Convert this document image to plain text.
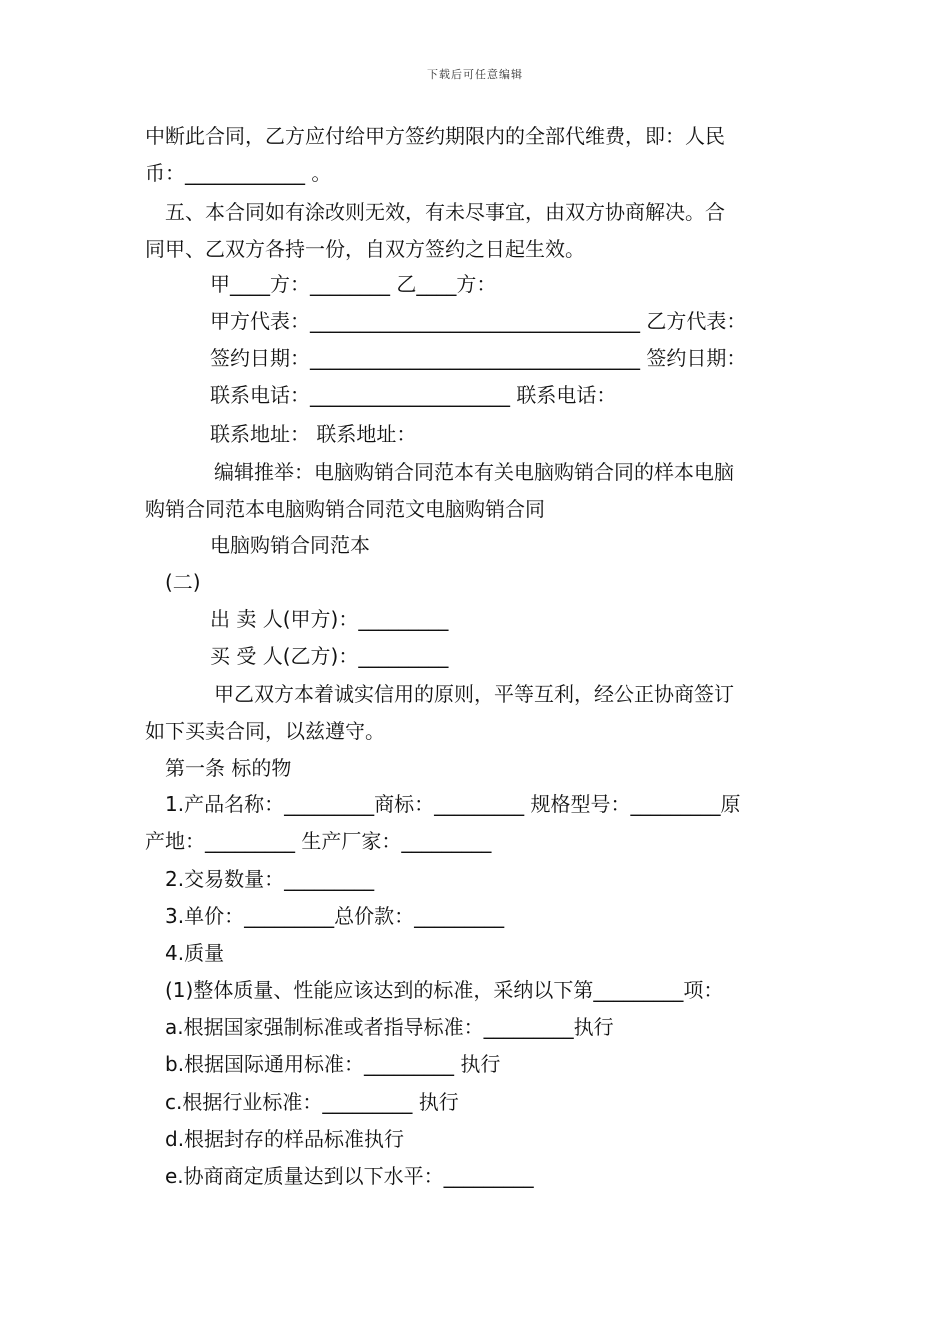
下载后可任意编辑
中断此合同，乙方应付给甲方签约期限内的全部代维费，即：人民
币：____________ 。
五、本合同如有涂改则无效，有未尽事宜，由双方协商解决。合
同甲、乙双方各持一份，自双方签约之日起生效。
甲____方：________ 乙____方：
甲方代表：_________________________________ 乙方代表：
签约日期：_________________________________ 签约日期：
联系电话：____________________ 联系电话：
联系地址： 联系地址：
编辑推举：电脑购销合同范本有关电脑购销合同的样本电脑
购销合同范本电脑购销合同范文电脑购销合同
电脑购销合同范本
(二)
出 卖 人(甲方)：_________
买 受 人(乙方)：_________
甲乙双方本着诚实信用的原则，平等互利，经公正协商签订
如下买卖合同，以兹遵守。
第一条 标的物
1.产品名称：_________商标：_________ 规格型号：_________原
产地：_________ 生产厂家：_________
2.交易数量：_________
3.单价：_________总价款：_________
4.质量
(1)整体质量、性能应该达到的标准，采纳以下第_________项：
a.根据国家强制标准或者指导标准：_________执行
b.根据国际通用标准：_________ 执行
c.根据行业标准：_________ 执行
d.根据封存的样品标准执行
e.协商商定质量达到以下水平：_________
